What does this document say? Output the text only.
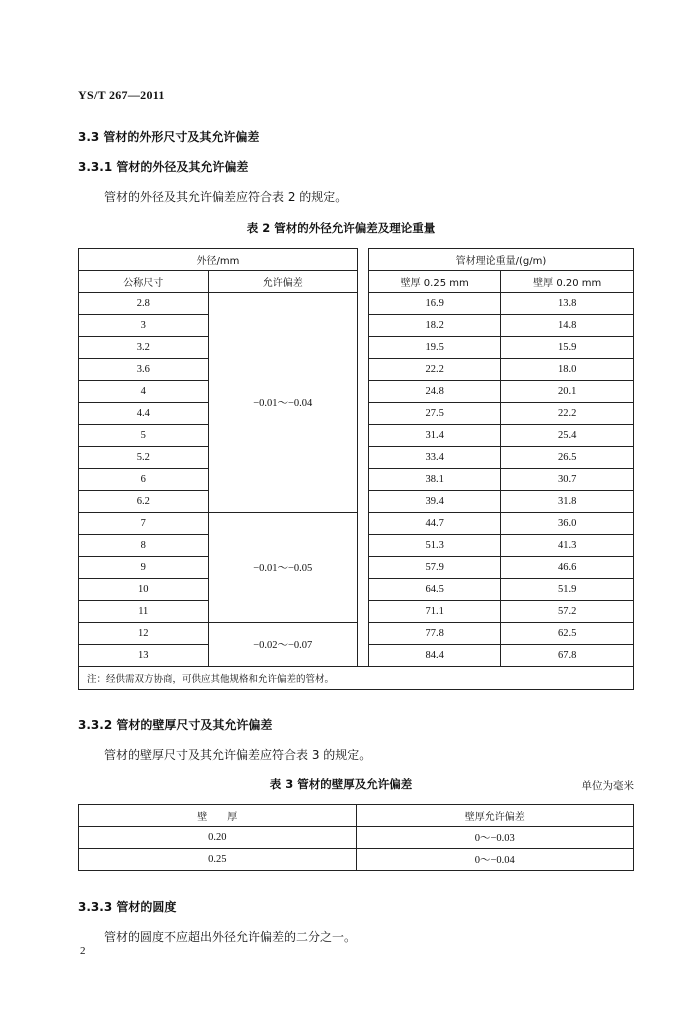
YS/T 267—2011
3.3 管材的外形尺寸及其允许偏差
3.3.1 管材的外径及其允许偏差
管材的外径及其允许偏差应符合表 2 的规定。
表 2 管材的外径允许偏差及理论重量
外径/mm			管材理论重量/(g/m)	
公称尺寸	允许偏差		壁厚 0.25 mm	壁厚 0.20 mm
2.8	−0.01～−0.04		16.9	13.8
3			18.2	14.8
3.2			19.5	15.9
3.6			22.2	18.0
4			24.8	20.1
4.4			27.5	22.2
5			31.4	25.4
5.2			33.4	26.5
6			38.1	30.7
6.2			39.4	31.8
7	−0.01～−0.05		44.7	36.0
8			51.3	41.3
9			57.9	46.6
10			64.5	51.9
11			71.1	57.2
12	−0.02～−0.07		77.8	62.5
13			84.4	67.8
注：经供需双方协商，可供应其他规格和允许偏差的管材。				
3.3.2 管材的壁厚尺寸及其允许偏差
管材的壁厚尺寸及其允许偏差应符合表 3 的规定。
表 3 管材的壁厚及允许偏差	单位为毫米
壁　　厚	壁厚允许偏差
0.20	0～−0.03
0.25	0～−0.04
3.3.3 管材的圆度
管材的圆度不应超出外径允许偏差的二分之一。
2
